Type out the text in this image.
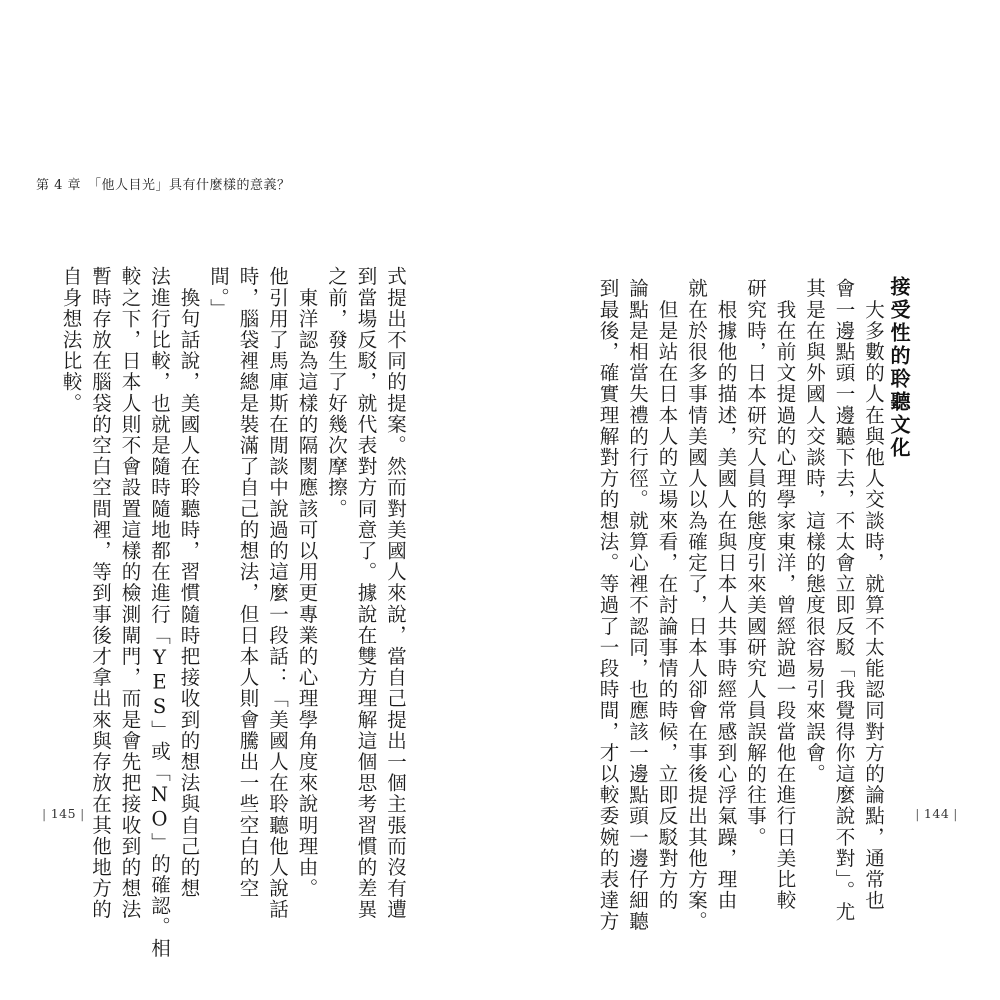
第 4 章　「他人目光」具有什麼樣的意義？
接受性的聆聽文化
　大多數的人在與他人交談時，就算不太能認同對方的論點，通常也
會一邊點頭一邊聽下去，不太會立即反駁「我覺得你這麼說不對」。尤
其是在與外國人交談時，這樣的態度很容易引來誤會。
　我在前文提過的心理學家東洋，曾經說過一段當他在進行日美比較
研究時，日本研究人員的態度引來美國研究人員誤解的往事。
　根據他的描述，美國人在與日本人共事時經常感到心浮氣躁，理由
就在於很多事情美國人以為確定了，日本人卻會在事後提出其他方案。
　但是站在日本人的立場來看，在討論事情的時候，立即反駁對方的
論點是相當失禮的行徑。就算心裡不認同，也應該一邊點頭一邊仔細聽
到最後，確實理解對方的想法。等過了一段時間，才以較委婉的表達方
式提出不同的提案。然而對美國人來說，當自己提出一個主張而沒有遭
到當場反駁，就代表對方同意了。據說在雙方理解這個思考習慣的差異
之前，發生了好幾次摩擦。
　東洋認為這樣的隔閡應該可以用更專業的心理學角度來說明理由。
他引用了馬庫斯在閒談中說過的這麼一段話：「美國人在聆聽他人說話
時，腦袋裡總是裝滿了自己的想法，但日本人則會騰出一些空白的空
間。」
　換句話說，美國人在聆聽時，習慣隨時把接收到的想法與自己的想
法進行比較，也就是隨時隨地都在進行「YES」或「NO」的確認。相
較之下，日本人則不會設置這樣的檢測閘門，而是會先把接收到的想法
暫時存放在腦袋的空白空間裡，等到事後才拿出來與存放在其他地方的
自身想法比較。
| 145 |	| 144 |
